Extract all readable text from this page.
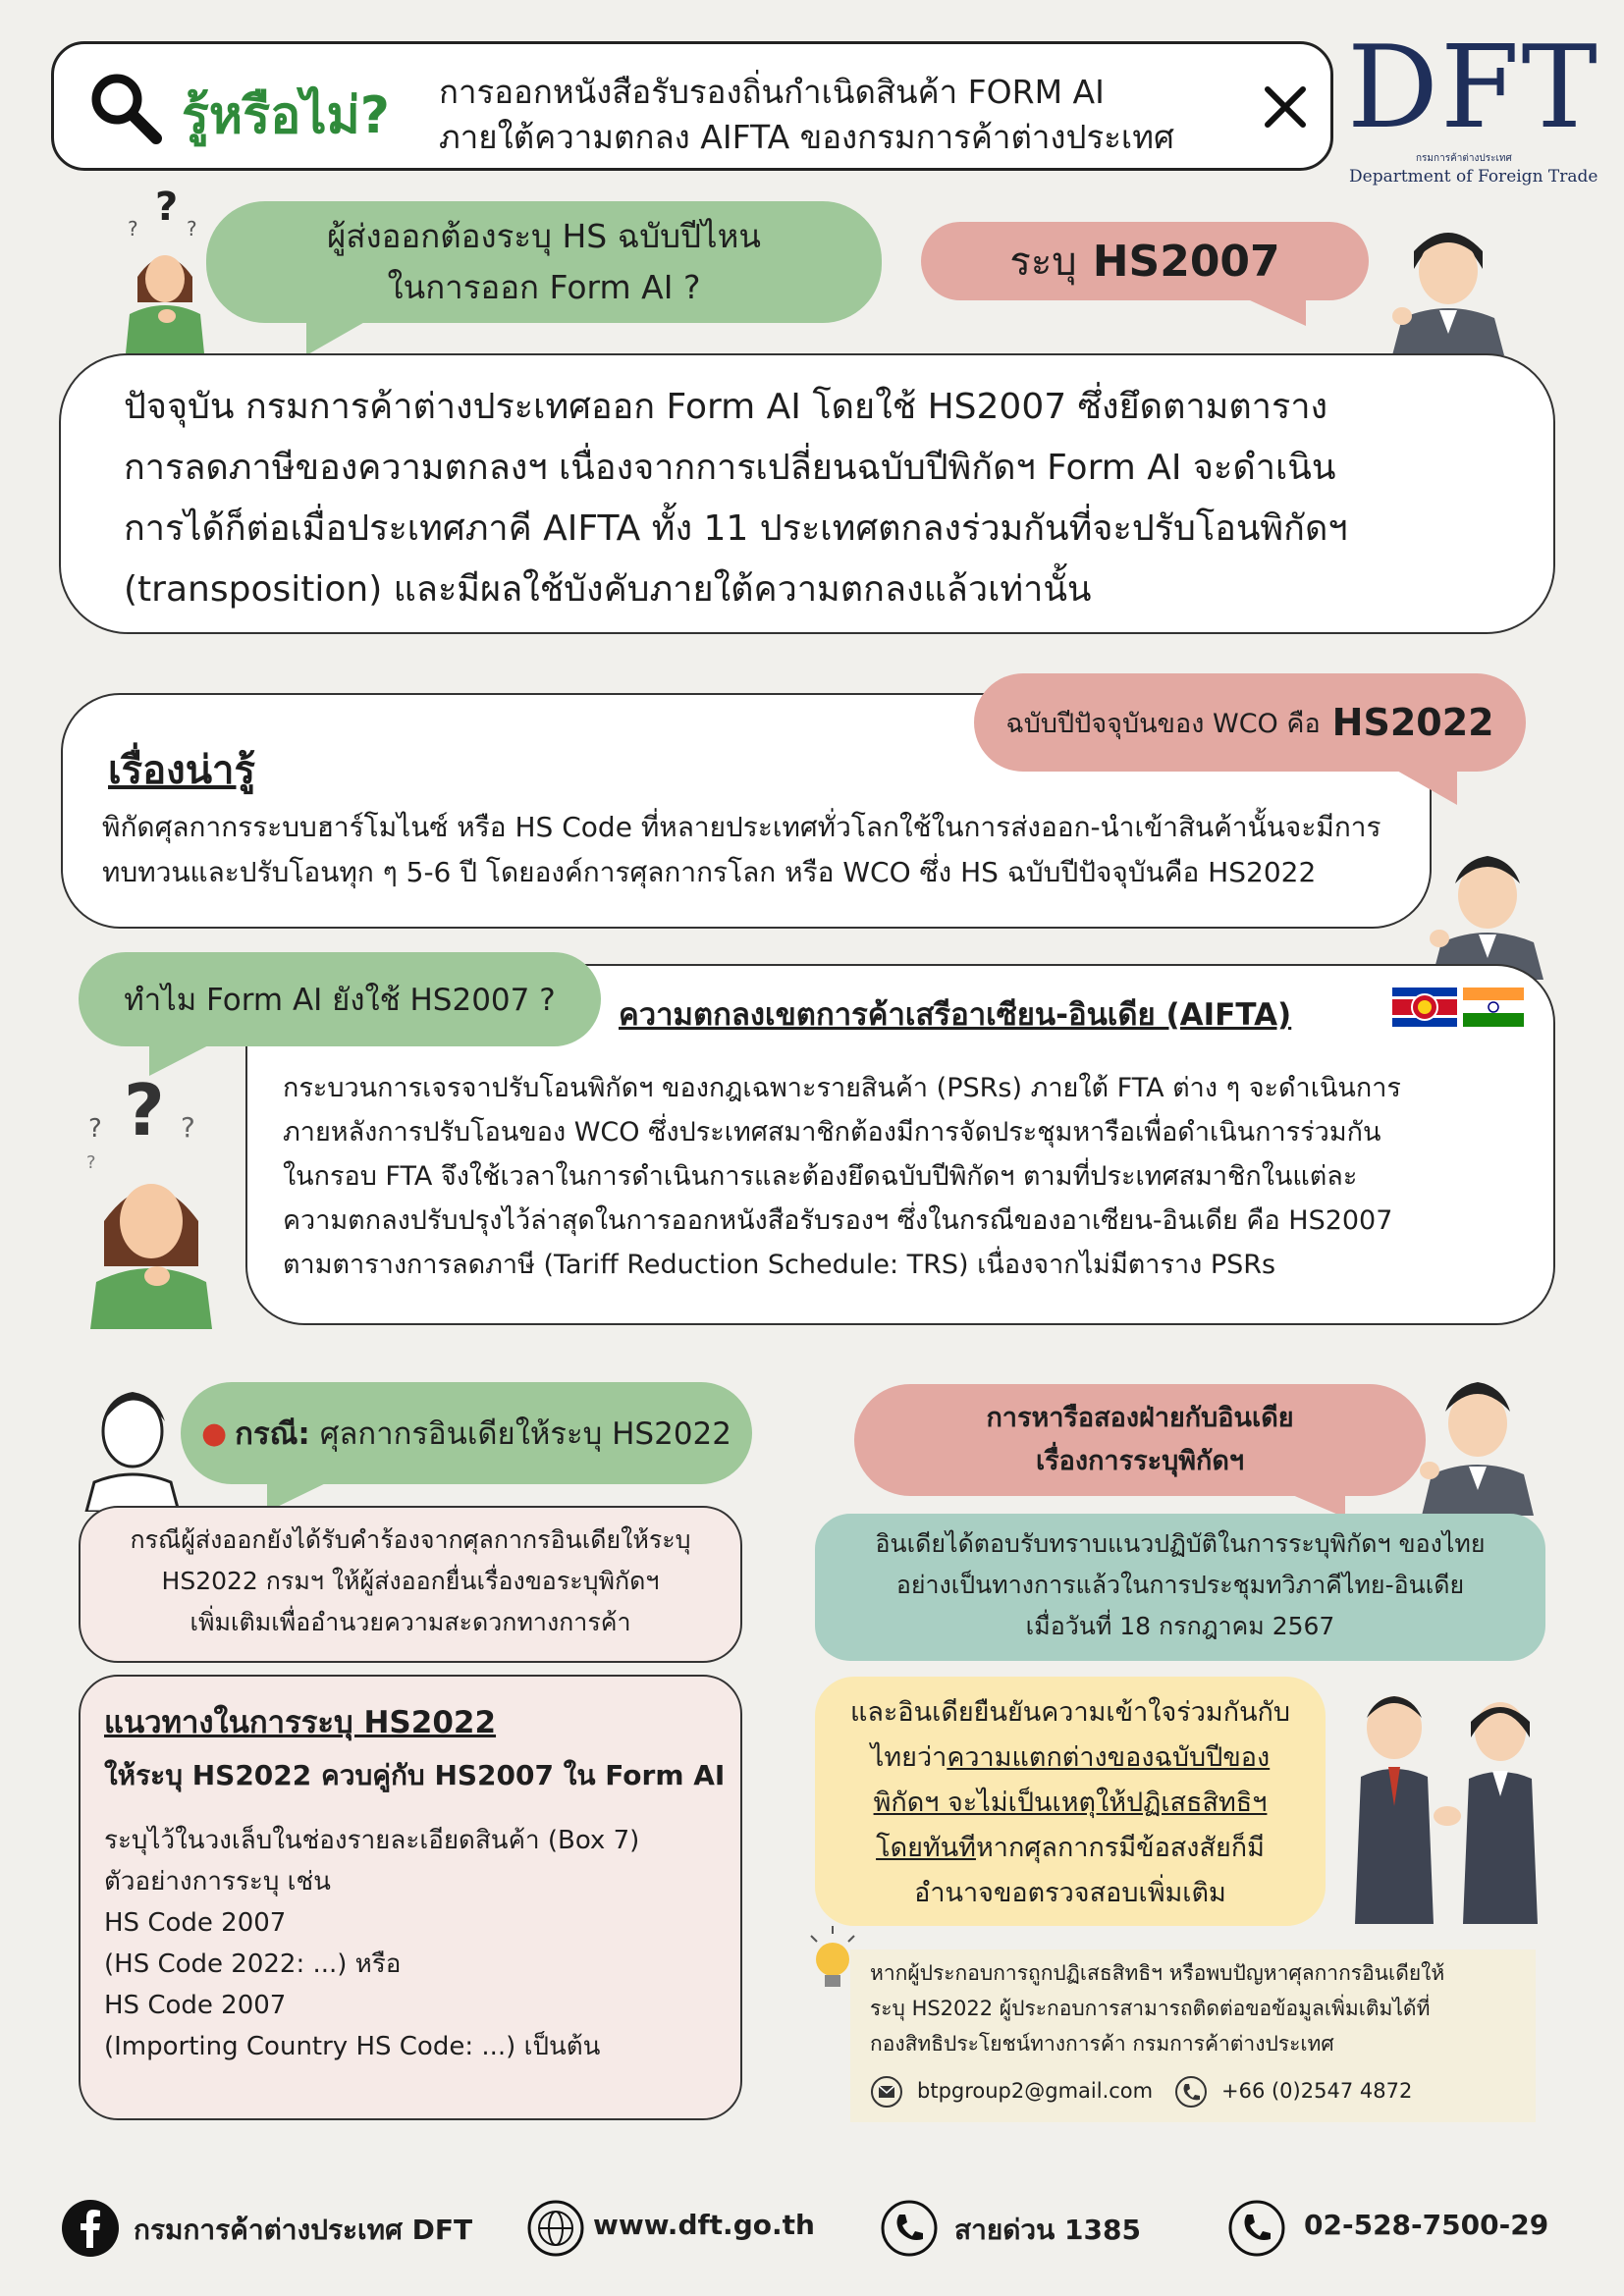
รู้หรือไม่? การออกหนังสือรับรองถิ่นกำเนิดสินค้า FORM AI
ภายใต้ความตกลง AIFTA ของกรมการค้าต่างประเทศ DFT
กรมการค้าต่างประเทศ
Department of Foreign Trade
?
? ?	ผู้ส่งออกต้องระบุ HS ฉบับปีไหน
ในการออก Form AI ?
ระบุ HS2007
ปัจจุบัน กรมการค้าต่างประเทศออก Form AI โดยใช้ HS2007 ซึ่งยึดตามตาราง
การลดภาษีของความตกลงฯ เนื่องจากการเปลี่ยนฉบับปีพิกัดฯ Form AI จะดำเนิน
การได้ก็ต่อเมื่อประเทศภาคี AIFTA ทั้ง 11 ประเทศตกลงร่วมกันที่จะปรับโอนพิกัดฯ
(transposition) และมีผลใช้บังคับภายใต้ความตกลงแล้วเท่านั้น
เรื่องน่ารู้
พิกัดศุลกากรระบบฮาร์โมไนซ์ หรือ HS Code ที่หลายประเทศทั่วโลกใช้ในการส่งออก-นำเข้าสินค้านั้นจะมีการ
ทบทวนและปรับโอนทุก ๆ 5-6 ปี โดยองค์การศุลกากรโลก หรือ WCO ซึ่ง HS ฉบับปีปัจจุบันคือ HS2022
ฉบับปีปัจจุบันของ WCO คือ HS2022
ความตกลงเขตการค้าเสรีอาเซียน-อินเดีย (AIFTA)
กระบวนการเจรจาปรับโอนพิกัดฯ ของกฎเฉพาะรายสินค้า (PSRs) ภายใต้ FTA ต่าง ๆ จะดำเนินการ
ภายหลังการปรับโอนของ WCO ซึ่งประเทศสมาชิกต้องมีการจัดประชุมหารือเพื่อดำเนินการร่วมกัน
ในกรอบ FTA จึงใช้เวลาในการดำเนินการและต้องยึดฉบับปีพิกัดฯ ตามที่ประเทศสมาชิกในแต่ละ
ความตกลงปรับปรุงไว้ล่าสุดในการออกหนังสือรับรองฯ ซึ่งในกรณีของอาเซียน-อินเดีย คือ HS2007
ตามตารางการลดภาษี (Tariff Reduction Schedule: TRS) เนื่องจากไม่มีตาราง PSRs
ทำไม Form AI ยังใช้ HS2007 ?
?
?	?
?
● กรณี: ศุลกากรอินเดียให้ระบุ HS2022
กรณีผู้ส่งออกยังได้รับคำร้องจากศุลกากรอินเดียให้ระบุ
HS2022 กรมฯ ให้ผู้ส่งออกยื่นเรื่องขอระบุพิกัดฯ
เพิ่มเติมเพื่ออำนวยความสะดวกทางการค้า
แนวทางในการระบุ HS2022
ให้ระบุ HS2022 ควบคู่กับ HS2007 ใน Form AI
ระบุไว้ในวงเล็บในช่องรายละเอียดสินค้า (Box 7)
ตัวอย่างการระบุ เช่น
HS Code 2007
(HS Code 2022: ...) หรือ
HS Code 2007
(Importing Country HS Code: ...) เป็นต้น
การหารือสองฝ่ายกับอินเดีย
เรื่องการระบุพิกัดฯ
อินเดียได้ตอบรับทราบแนวปฏิบัติในการระบุพิกัดฯ ของไทย
อย่างเป็นทางการแล้วในการประชุมทวิภาคีไทย-อินเดีย
เมื่อวันที่ 18 กรกฎาคม 2567
และอินเดียยืนยันความเข้าใจร่วมกันกับ
ไทยว่าความแตกต่างของฉบับปีของ
พิกัดฯ จะไม่เป็นเหตุให้ปฏิเสธสิทธิฯ
โดยทันทีหากศุลกากรมีข้อสงสัยก็มี
อำนาจขอตรวจสอบเพิ่มเติม
หากผู้ประกอบการถูกปฏิเสธสิทธิฯ หรือพบปัญหาศุลกากรอินเดียให้
ระบุ HS2022 ผู้ประกอบการสามารถติดต่อขอข้อมูลเพิ่มเติมได้ที่
กองสิทธิประโยชน์ทางการค้า กรมการค้าต่างประเทศ
btpgroup2@gmail.com	+66 (0)2547 4872
กรมการค้าต่างประเทศ DFT	www.dft.go.th	สายด่วน 1385	02-528-7500-29
